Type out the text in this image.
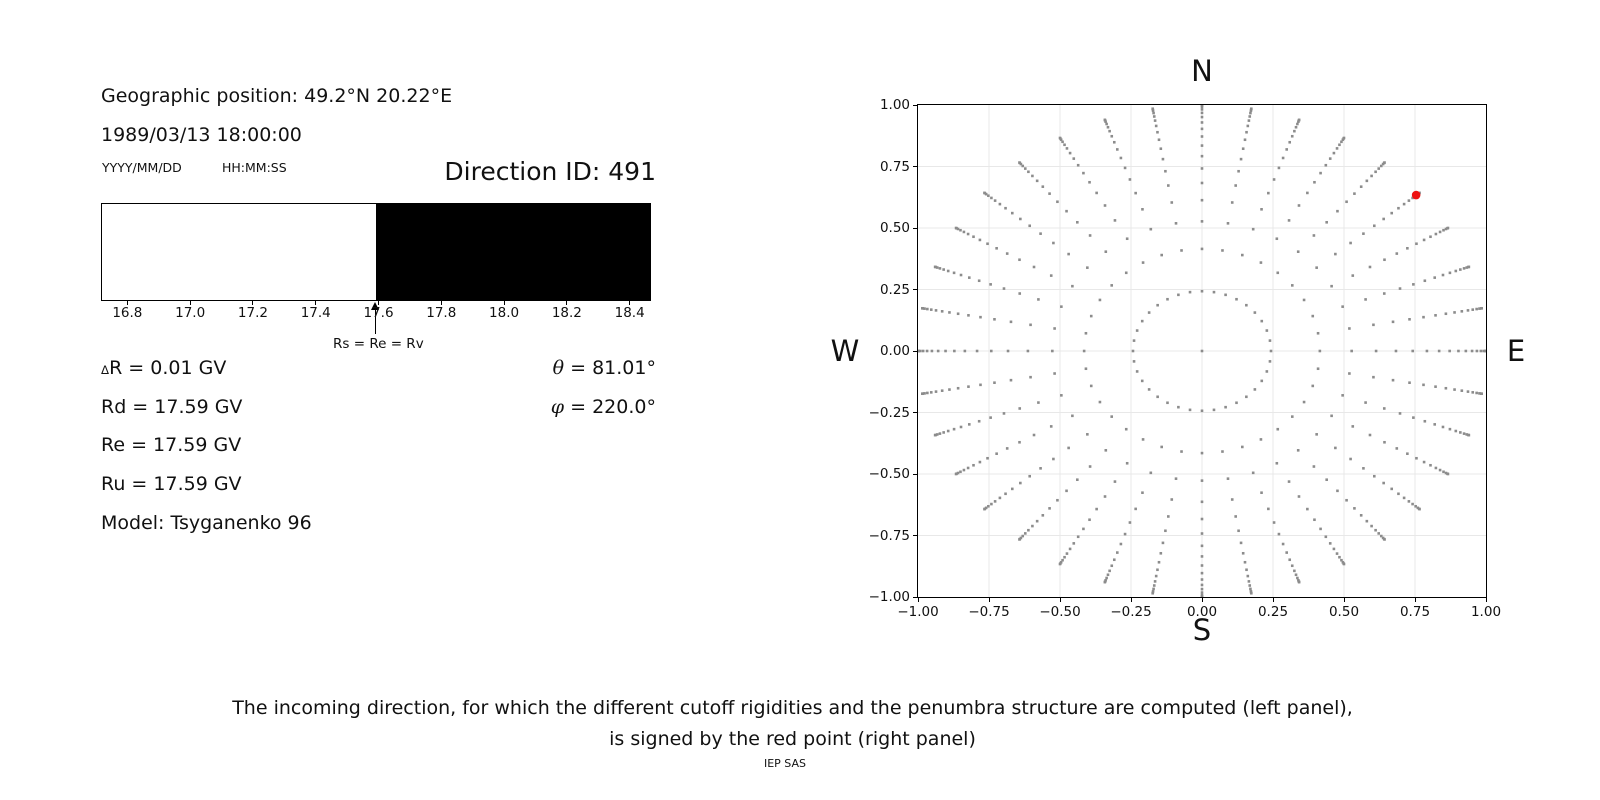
Geographic position: 49.2°N 20.22°E
1989/03/13 18:00:00
YYYY/MM/DD	HH:MM:SS	Direction ID: 491
Rs = Re = Rv
ΔR = 0.01 GV
Rd = 17.59 GV
Re = 17.59 GV
Ru = 17.59 GV
Model: Tsyganenko 96
θ = 81.01°
φ = 220.0°
N
S
W	E
The incoming direction, for which the different cutoff rigidities and the penumbra structure are computed (left panel),
is signed by the red point (right panel)
IEP SAS
16.8	17.0	17.2	17.4	17.6	17.8	18.0	18.2	18.4
−1.00	−0.75	−0.50	−0.25	0.00	0.25	0.50	0.75	1.00
−1.00
−0.75
−0.50
−0.25
0.00
0.25
0.50
0.75
1.00
